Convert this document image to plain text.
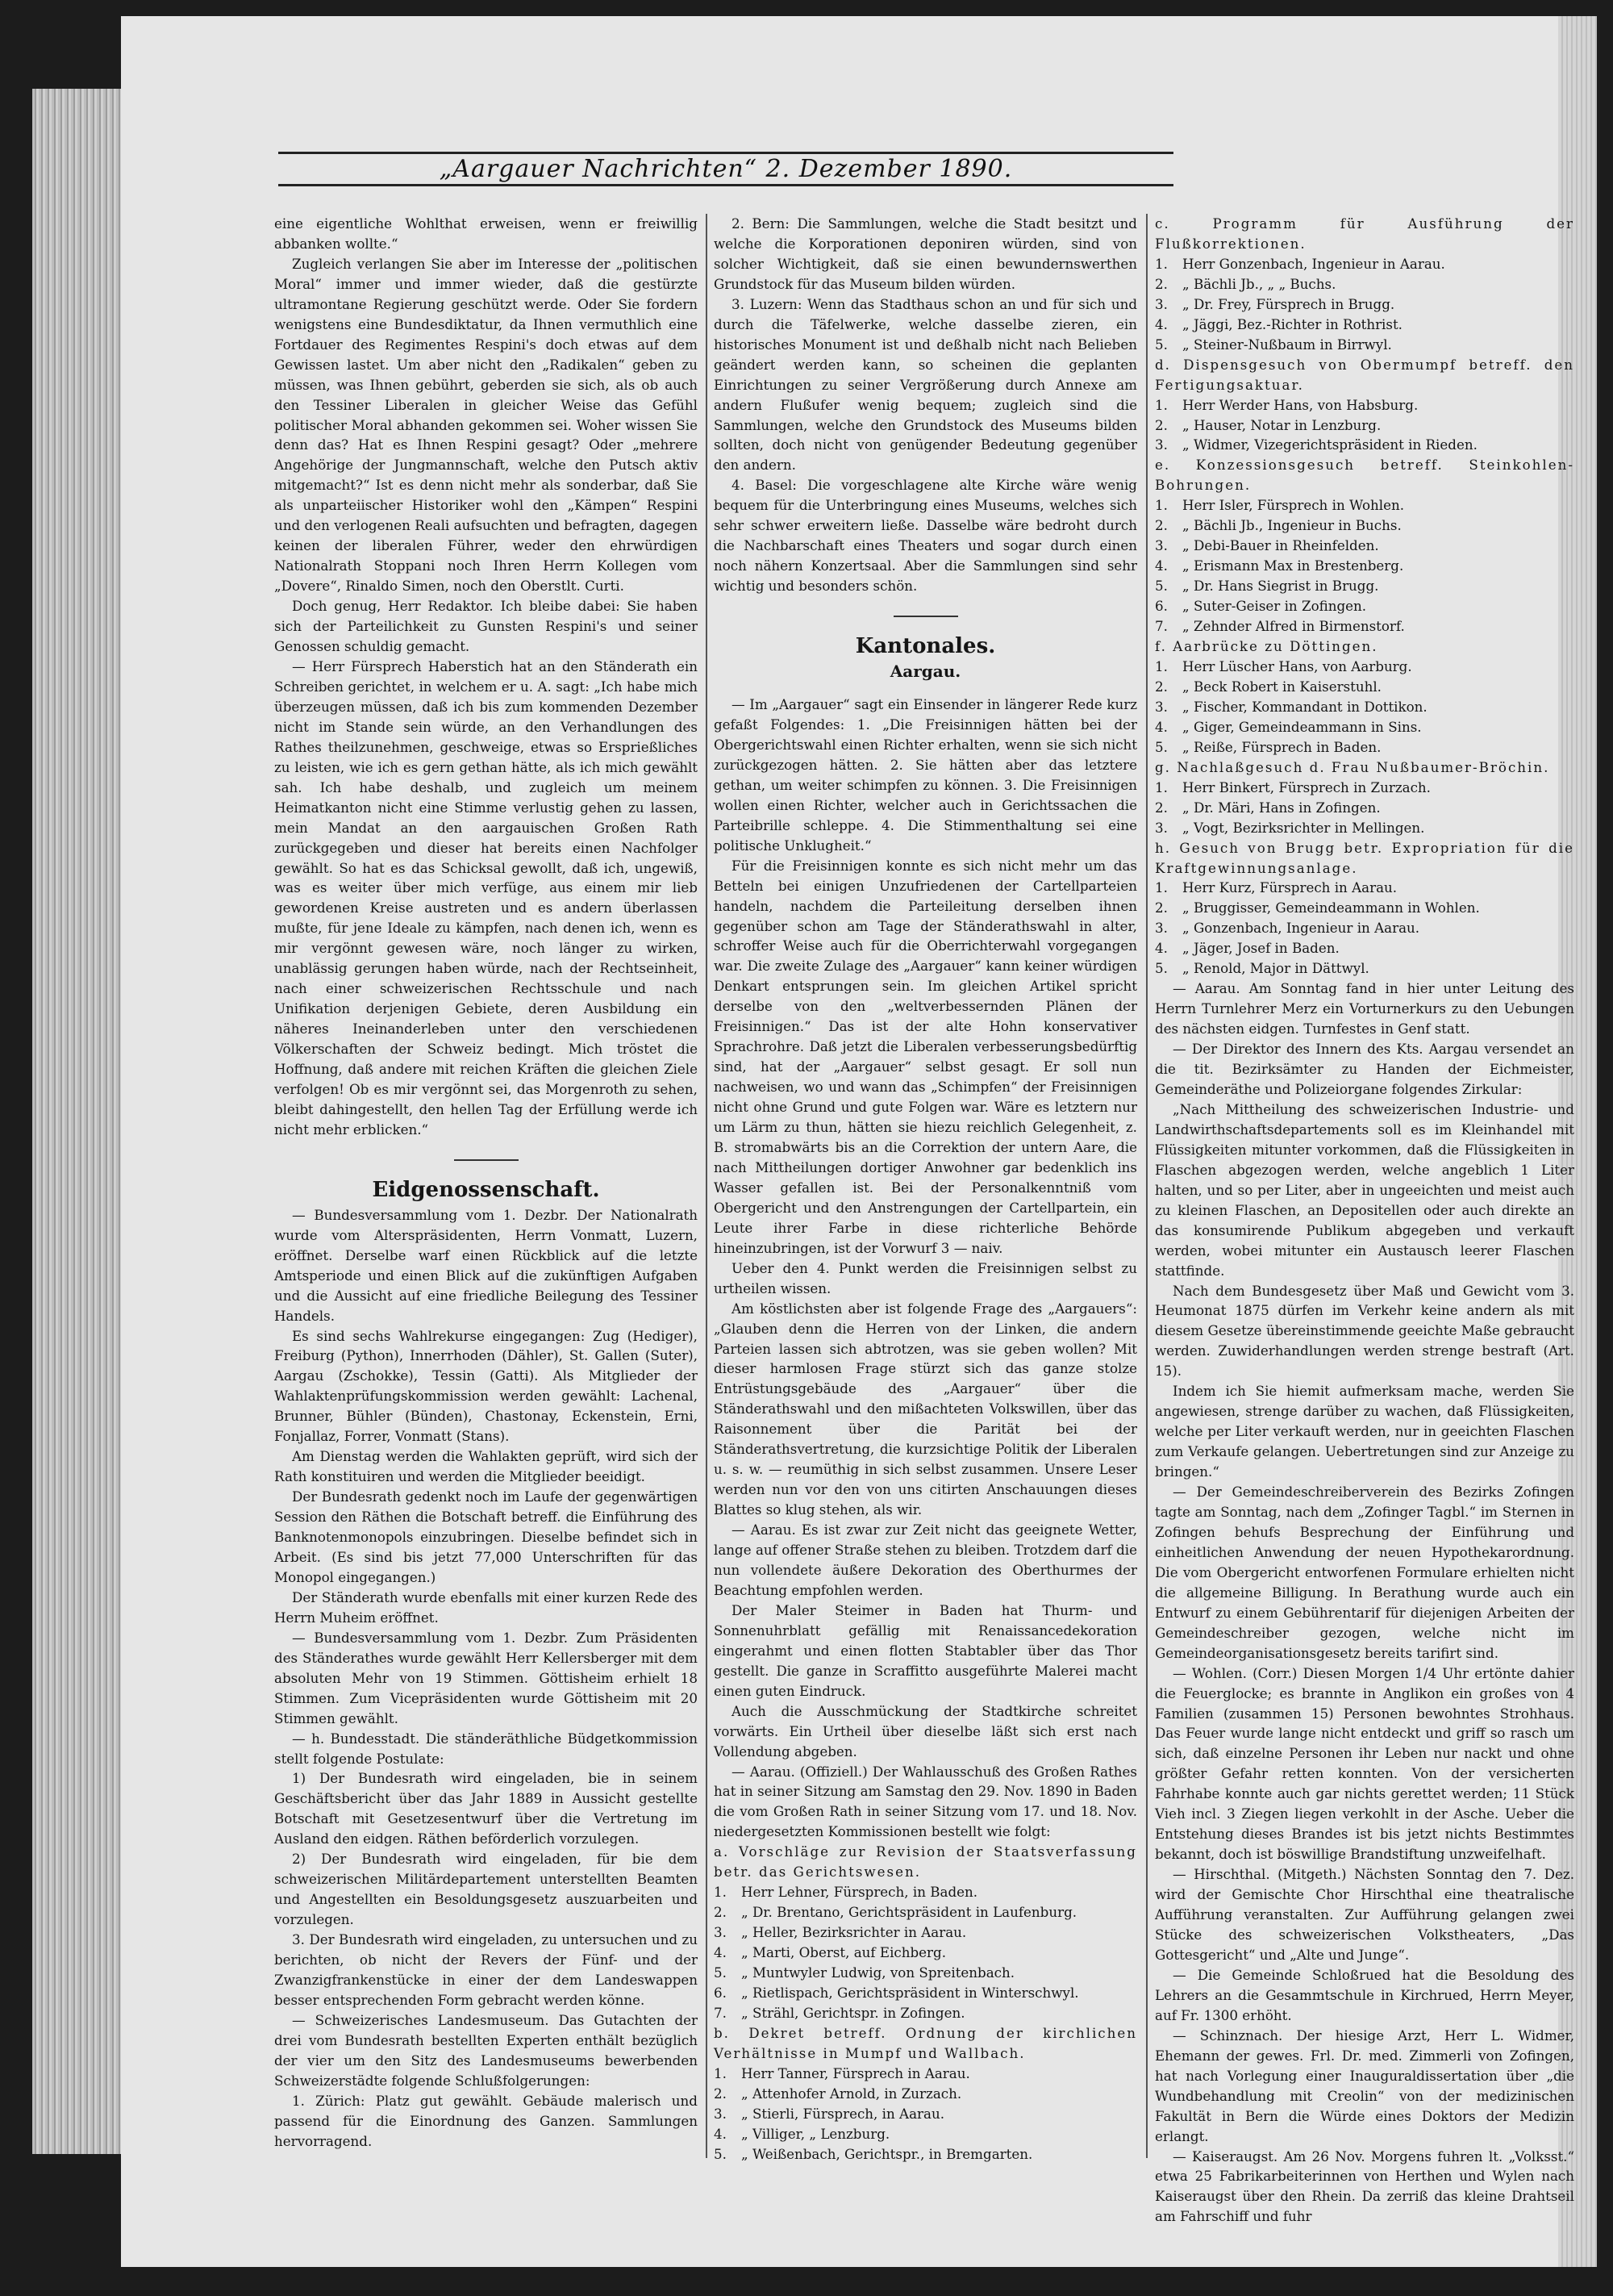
„Aargauer Nachrichten“ 2. Dezember 1890.

eine eigentliche Wohlthat erweisen, wenn er freiwillig abbanken wollte.“

Zugleich verlangen Sie aber im Interesse der „politischen Moral“ immer und immer wieder, daß die gestürzte ultramontane Regierung geschützt werde. Oder Sie fordern wenigstens eine Bundesdiktatur, da Ihnen vermuthlich eine Fortdauer des Regimentes Respini's doch etwas auf dem Gewissen lastet. Um aber nicht den „Radikalen“ geben zu müssen, was Ihnen gebührt, geberden sie sich, als ob auch den Tessiner Liberalen in gleicher Weise das Gefühl politischer Moral abhanden gekommen sei. Woher wissen Sie denn das? Hat es Ihnen Respini gesagt? Oder „mehrere Angehörige der Jungmannschaft, welche den Putsch aktiv mitgemacht?“ Ist es denn nicht mehr als sonderbar, daß Sie als unparteiischer Historiker wohl den „Kämpen“ Respini und den verlogenen Reali aufsuchten und befragten, dagegen keinen der liberalen Führer, weder den ehrwürdigen Nationalrath Stoppani noch Ihren Herrn Kollegen vom „Dovere“, Rinaldo Simen, noch den Oberstlt. Curti.

Doch genug, Herr Redaktor. Ich bleibe dabei: Sie haben sich der Parteilichkeit zu Gunsten Respini's und seiner Genossen schuldig gemacht.

— Herr Fürsprech Haberstich hat an den Ständerath ein Schreiben gerichtet, in welchem er u. A. sagt: „Ich habe mich überzeugen müssen, daß ich bis zum kommenden Dezember nicht im Stande sein würde, an den Verhandlungen des Rathes theilzunehmen, geschweige, etwas so Ersprießliches zu leisten, wie ich es gern gethan hätte, als ich mich gewählt sah. Ich habe deshalb, und zugleich um meinem Heimatkanton nicht eine Stimme verlustig gehen zu lassen, mein Mandat an den aargauischen Großen Rath zurückgegeben und dieser hat bereits einen Nachfolger gewählt. So hat es das Schicksal gewollt, daß ich, ungewiß, was es weiter über mich verfüge, aus einem mir lieb gewordenen Kreise austreten und es andern überlassen mußte, für jene Ideale zu kämpfen, nach denen ich, wenn es mir vergönnt gewesen wäre, noch länger zu wirken, unablässig gerungen haben würde, nach der Rechtseinheit, nach einer schweizerischen Rechtsschule und nach Unifikation derjenigen Gebiete, deren Ausbildung ein näheres Ineinanderleben unter den verschiedenen Völkerschaften der Schweiz bedingt. Mich tröstet die Hoffnung, daß andere mit reichen Kräften die gleichen Ziele verfolgen! Ob es mir vergönnt sei, das Morgenroth zu sehen, bleibt dahingestellt, den hellen Tag der Erfüllung werde ich nicht mehr erblicken.“

Eidgenossenschaft.

— Bundesversammlung vom 1. Dezbr. Der Nationalrath wurde vom Alterspräsidenten, Herrn Vonmatt, Luzern, eröffnet. Derselbe warf einen Rückblick auf die letzte Amtsperiode und einen Blick auf die zukünftigen Aufgaben und die Aussicht auf eine friedliche Beilegung des Tessiner Handels.

Es sind sechs Wahlrekurse eingegangen: Zug (Hediger), Freiburg (Python), Innerrhoden (Dähler), St. Gallen (Suter), Aargau (Zschokke), Tessin (Gatti). Als Mitglieder der Wahlaktenprüfungskommission werden gewählt: Lachenal, Brunner, Bühler (Bünden), Chastonay, Eckenstein, Erni, Fonjallaz, Forrer, Vonmatt (Stans).

Am Dienstag werden die Wahlakten geprüft, wird sich der Rath konstituiren und werden die Mitglieder beeidigt.

Der Bundesrath gedenkt noch im Laufe der gegenwärtigen Session den Räthen die Botschaft betreff. die Einführung des Banknotenmonopols einzubringen. Dieselbe befindet sich in Arbeit. (Es sind bis jetzt 77,000 Unterschriften für das Monopol eingegangen.)

Der Ständerath wurde ebenfalls mit einer kurzen Rede des Herrn Muheim eröffnet.

— Bundesversammlung vom 1. Dezbr. Zum Präsidenten des Ständerathes wurde gewählt Herr Kellersberger mit dem absoluten Mehr von 19 Stimmen. Göttisheim erhielt 18 Stimmen. Zum Vicepräsidenten wurde Göttisheim mit 20 Stimmen gewählt.

— h. Bundesstadt. Die ständeräthliche Büdgetkommission stellt folgende Postulate:

1) Der Bundesrath wird eingeladen, bie in seinem Geschäftsbericht über das Jahr 1889 in Aussicht gestellte Botschaft mit Gesetzesentwurf über die Vertretung im Ausland den eidgen. Räthen beförderlich vorzulegen.

2) Der Bundesrath wird eingeladen, für bie dem schweizerischen Militärdepartement unterstellten Beamten und Angestellten ein Besoldungsgesetz auszuarbeiten und vorzulegen.

3. Der Bundesrath wird eingeladen, zu untersuchen und zu berichten, ob nicht der Revers der Fünf- und der Zwanzigfrankenstücke in einer der dem Landeswappen besser entsprechenden Form gebracht werden könne.

— Schweizerisches Landesmuseum. Das Gutachten der drei vom Bundesrath bestellten Experten enthält bezüglich der vier um den Sitz des Landesmuseums bewerbenden Schweizerstädte folgende Schlußfolgerungen:

1. Zürich: Platz gut gewählt. Gebäude malerisch und passend für die Einordnung des Ganzen. Sammlungen hervorragend.

2. Bern: Die Sammlungen, welche die Stadt besitzt und welche die Korporationen deponiren würden, sind von solcher Wichtigkeit, daß sie einen bewundernswerthen Grundstock für das Museum bilden würden.

3. Luzern: Wenn das Stadthaus schon an und für sich und durch die Täfelwerke, welche dasselbe zieren, ein historisches Monument ist und deßhalb nicht nach Belieben geändert werden kann, so scheinen die geplanten Einrichtungen zu seiner Vergrößerung durch Annexe am andern Flußufer wenig bequem; zugleich sind die Sammlungen, welche den Grundstock des Museums bilden sollten, doch nicht von genügender Bedeutung gegenüber den andern.

4. Basel: Die vorgeschlagene alte Kirche wäre wenig bequem für die Unterbringung eines Museums, welches sich sehr schwer erweitern ließe. Dasselbe wäre bedroht durch die Nachbarschaft eines Theaters und sogar durch einen noch nähern Konzertsaal. Aber die Sammlungen sind sehr wichtig und besonders schön.

Kantonales.
Aargau.

— Im „Aargauer“ sagt ein Einsender in längerer Rede kurz gefaßt Folgendes: 1. „Die Freisinnigen hätten bei der Obergerichtswahl einen Richter erhalten, wenn sie sich nicht zurückgezogen hätten. 2. Sie hätten aber das letztere gethan, um weiter schimpfen zu können. 3. Die Freisinnigen wollen einen Richter, welcher auch in Gerichtssachen die Parteibrille schleppe. 4. Die Stimmenthaltung sei eine politische Unklugheit.“

Für die Freisinnigen konnte es sich nicht mehr um das Betteln bei einigen Unzufriedenen der Cartellparteien handeln, nachdem die Parteileitung derselben ihnen gegenüber schon am Tage der Ständerathswahl in alter, schroffer Weise auch für die Oberrichterwahl vorgegangen war. Die zweite Zulage des „Aargauer“ kann keiner würdigen Denkart entsprungen sein. Im gleichen Artikel spricht derselbe von den „weltverbessernden Plänen der Freisinnigen.“ Das ist der alte Hohn konservativer Sprachrohre. Daß jetzt die Liberalen verbesserungsbedürftig sind, hat der „Aargauer“ selbst gesagt. Er soll nun nachweisen, wo und wann das „Schimpfen“ der Freisinnigen nicht ohne Grund und gute Folgen war. Wäre es letztern nur um Lärm zu thun, hätten sie hiezu reichlich Gelegenheit, z. B. stromabwärts bis an die Correktion der untern Aare, die nach Mittheilungen dortiger Anwohner gar bedenklich ins Wasser gefallen ist. Bei der Personalkenntniß vom Obergericht und den Anstrengungen der Cartellpartein, ein Leute ihrer Farbe in diese richterliche Behörde hineinzubringen, ist der Vorwurf 3 — naiv.

Ueber den 4. Punkt werden die Freisinnigen selbst zu urtheilen wissen.

Am köstlichsten aber ist folgende Frage des „Aargauers“: „Glauben denn die Herren von der Linken, die andern Parteien lassen sich abtrotzen, was sie geben wollen? Mit dieser harmlosen Frage stürzt sich das ganze stolze Entrüstungsgebäude des „Aargauer“ über die Ständerathswahl und den mißachteten Volkswillen, über das Raisonnement über die Parität bei der Ständerathsvertretung, die kurzsichtige Politik der Liberalen u. s. w. — reumüthig in sich selbst zusammen. Unsere Leser werden nun vor den von uns citirten Anschauungen dieses Blattes so klug stehen, als wir.

— Aarau. Es ist zwar zur Zeit nicht das geeignete Wetter, lange auf offener Straße stehen zu bleiben. Trotzdem darf die nun vollendete äußere Dekoration des Oberthurmes der Beachtung empfohlen werden.

Der Maler Steimer in Baden hat Thurm- und Sonnenuhrblatt gefällig mit Renaissancedekoration eingerahmt und einen flotten Stabtabler über das Thor gestellt. Die ganze in Scraffitto ausgeführte Malerei macht einen guten Eindruck.

Auch die Ausschmückung der Stadtkirche schreitet vorwärts. Ein Urtheil über dieselbe läßt sich erst nach Vollendung abgeben.

— Aarau. (Offiziell.) Der Wahlausschuß des Großen Rathes hat in seiner Sitzung am Samstag den 29. Nov. 1890 in Baden die vom Großen Rath in seiner Sitzung vom 17. und 18. Nov. niedergesetzten Kommissionen bestellt wie folgt:

a. Vorschläge zur Revision der Staatsverfassung betr. das Gerichtswesen.

1.	Herr Lehner, Fürsprech, in Baden.
2.	„ Dr. Brentano, Gerichtspräsident in Laufenburg.
3.	„ Heller, Bezirksrichter in Aarau.
4.	„ Marti, Oberst, auf Eichberg.
5.	„ Muntwyler Ludwig, von Spreitenbach.
6.	„ Rietlispach, Gerichtspräsident in Winterschwyl.
7.	„ Strähl, Gerichtspr. in Zofingen.

b. Dekret betreff. Ordnung der kirchlichen Verhältnisse in Mumpf und Wallbach.

1.	Herr Tanner, Fürsprech in Aarau.
2.	„ Attenhofer Arnold, in Zurzach.
3.	„ Stierli, Fürsprech, in Aarau.
4.	„ Villiger, „ Lenzburg.
5.	„ Weißenbach, Gerichtspr., in Bremgarten.

c. Programm für Ausführung der Flußkorrektionen.

1.	Herr Gonzenbach, Ingenieur in Aarau.
2.	„ Bächli Jb., „ „ Buchs.
3.	„ Dr. Frey, Fürsprech in Brugg.
4.	„ Jäggi, Bez.-Richter in Rothrist.
5.	„ Steiner-Nußbaum in Birrwyl.

d. Dispensgesuch von Obermumpf betreff. den Fertigungsaktuar.

1.	Herr Werder Hans, von Habsburg.
2.	„ Hauser, Notar in Lenzburg.
3.	„ Widmer, Vizegerichtspräsident in Rieden.

e. Konzessionsgesuch betreff. Steinkohlen-Bohrungen.

1.	Herr Isler, Fürsprech in Wohlen.
2.	„ Bächli Jb., Ingenieur in Buchs.
3.	„ Debi-Bauer in Rheinfelden.
4.	„ Erismann Max in Brestenberg.
5.	„ Dr. Hans Siegrist in Brugg.
6.	„ Suter-Geiser in Zofingen.
7.	„ Zehnder Alfred in Birmenstorf.

f. Aarbrücke zu Döttingen.

1.	Herr Lüscher Hans, von Aarburg.
2.	„ Beck Robert in Kaiserstuhl.
3.	„ Fischer, Kommandant in Dottikon.
4.	„ Giger, Gemeindeammann in Sins.
5.	„ Reiße, Fürsprech in Baden.

g. Nachlaßgesuch d. Frau Nußbaumer-Bröchin.

1.	Herr Binkert, Fürsprech in Zurzach.
2.	„ Dr. Märi, Hans in Zofingen.
3.	„ Vogt, Bezirksrichter in Mellingen.

h. Gesuch von Brugg betr. Expropriation für die Kraftgewinnungsanlage.

1.	Herr Kurz, Fürsprech in Aarau.
2.	„ Bruggisser, Gemeindeammann in Wohlen.
3.	„ Gonzenbach, Ingenieur in Aarau.
4.	„ Jäger, Josef in Baden.
5.	„ Renold, Major in Dättwyl.

— Aarau. Am Sonntag fand in hier unter Leitung des Herrn Turnlehrer Merz ein Vorturnerkurs zu den Uebungen des nächsten eidgen. Turnfestes in Genf statt.

— Der Direktor des Innern des Kts. Aargau versendet an die tit. Bezirksämter zu Handen der Eichmeister, Gemeinderäthe und Polizeiorgane folgendes Zirkular:

„Nach Mittheilung des schweizerischen Industrie- und Landwirthschaftsdepartements soll es im Kleinhandel mit Flüssigkeiten mitunter vorkommen, daß die Flüssigkeiten in Flaschen abgezogen werden, welche angeblich 1 Liter halten, und so per Liter, aber in ungeeichten und meist auch zu kleinen Flaschen, an Depositellen oder auch direkte an das konsumirende Publikum abgegeben und verkauft werden, wobei mitunter ein Austausch leerer Flaschen stattfinde.

Nach dem Bundesgesetz über Maß und Gewicht vom 3. Heumonat 1875 dürfen im Verkehr keine andern als mit diesem Gesetze übereinstimmende geeichte Maße gebraucht werden. Zuwiderhandlungen werden strenge bestraft (Art. 15).

Indem ich Sie hiemit aufmerksam mache, werden Sie angewiesen, strenge darüber zu wachen, daß Flüssigkeiten, welche per Liter verkauft werden, nur in geeichten Flaschen zum Verkaufe gelangen. Uebertretungen sind zur Anzeige zu bringen.“

— Der Gemeindeschreiberverein des Bezirks Zofingen tagte am Sonntag, nach dem „Zofinger Tagbl.“ im Sternen in Zofingen behufs Besprechung der Einführung und einheitlichen Anwendung der neuen Hypothekarordnung. Die vom Obergericht entworfenen Formulare erhielten nicht die allgemeine Billigung. In Berathung wurde auch ein Entwurf zu einem Gebührentarif für diejenigen Arbeiten der Gemeindeschreiber gezogen, welche nicht im Gemeindeorganisationsgesetz bereits tarifirt sind.

— Wohlen. (Corr.) Diesen Morgen 1/4 Uhr ertönte dahier die Feuerglocke; es brannte in Anglikon ein großes von 4 Familien (zusammen 15) Personen bewohntes Strohhaus. Das Feuer wurde lange nicht entdeckt und griff so rasch um sich, daß einzelne Personen ihr Leben nur nackt und ohne größter Gefahr retten konnten. Von der versicherten Fahrhabe konnte auch gar nichts gerettet werden; 11 Stück Vieh incl. 3 Ziegen liegen verkohlt in der Asche. Ueber die Entstehung dieses Brandes ist bis jetzt nichts Bestimmtes bekannt, doch ist böswillige Brandstiftung unzweifelhaft.

— Hirschthal. (Mitgeth.) Nächsten Sonntag den 7. Dez. wird der Gemischte Chor Hirschthal eine theatralische Aufführung veranstalten. Zur Aufführung gelangen zwei Stücke des schweizerischen Volkstheaters, „Das Gottesgericht“ und „Alte und Junge“.

— Die Gemeinde Schloßrued hat die Besoldung des Lehrers an die Gesammtschule in Kirchrued, Herrn Meyer, auf Fr. 1300 erhöht.

— Schinznach. Der hiesige Arzt, Herr L. Widmer, Ehemann der gewes. Frl. Dr. med. Zimmerli von Zofingen, hat nach Vorlegung einer Inauguraldissertation über „die Wundbehandlung mit Creolin“ von der medizinischen Fakultät in Bern die Würde eines Doktors der Medizin erlangt.

— Kaiseraugst. Am 26 Nov. Morgens fuhren lt. „Volksst.“ etwa 25 Fabrikarbeiterinnen von Herthen und Wylen nach Kaiseraugst über den Rhein. Da zerriß das kleine Drahtseil am Fahrschiff und fuhr
